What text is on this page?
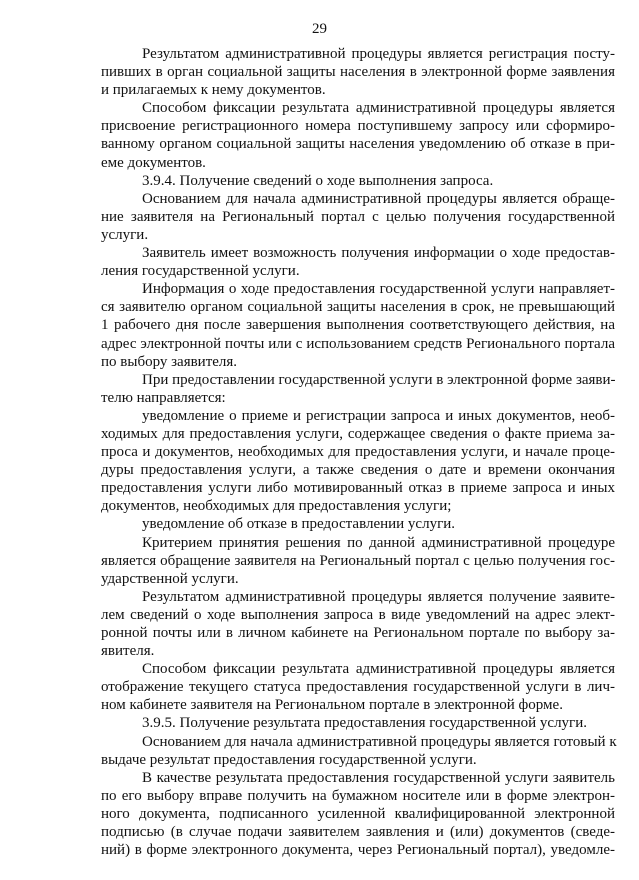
29
Результатом административной процедуры является регистрация посту-
пивших в орган социальной защиты населения в электронной форме заявления
и прилагаемых к нему документов.
Способом фиксации результата административной процедуры является
присвоение регистрационного номера поступившему запросу или сформиро-
ванному органом социальной защиты населения уведомлению об отказе в при-
еме документов.
3.9.4. Получение сведений о ходе выполнения запроса.
Основанием для начала административной процедуры является обраще-
ние заявителя на Региональный портал с целью получения государственной
услуги.
Заявитель имеет возможность получения информации о ходе предостав-
ления государственной услуги.
Информация о ходе предоставления государственной услуги направляет-
ся заявителю органом социальной защиты населения в срок, не превышающий
1 рабочего дня после завершения выполнения соответствующего действия, на
адрес электронной почты или с использованием средств Регионального портала
по выбору заявителя.
При предоставлении государственной услуги в электронной форме заяви-
телю направляется:
уведомление о приеме и регистрации запроса и иных документов, необ-
ходимых для предоставления услуги, содержащее сведения о факте приема за-
проса и документов, необходимых для предоставления услуги, и начале проце-
дуры предоставления услуги, а также сведения о дате и времени окончания
предоставления услуги либо мотивированный отказ в приеме запроса и иных
документов, необходимых для предоставления услуги;
уведомление об отказе в предоставлении услуги.
Критерием принятия решения по данной административной процедуре
является обращение заявителя на Региональный портал с целью получения гос-
ударственной услуги.
Результатом административной процедуры является получение заявите-
лем сведений о ходе выполнения запроса в виде уведомлений на адрес элект-
ронной почты или в личном кабинете на Региональном портале по выбору за-
явителя.
Способом фиксации результата административной процедуры является
отображение текущего статуса предоставления государственной услуги в лич-
ном кабинете заявителя на Региональном портале в электронной форме.
3.9.5. Получение результата предоставления государственной услуги.
Основанием для начала административной процедуры является готовый к
выдаче результат предоставления государственной услуги.
В качестве результата предоставления государственной услуги заявитель
по его выбору вправе получить на бумажном носителе или в форме электрон-
ного документа, подписанного усиленной квалифицированной электронной
подписью (в случае подачи заявителем заявления и (или) документов (сведе-
ний) в форме электронного документа, через Региональный портал), уведомле-
